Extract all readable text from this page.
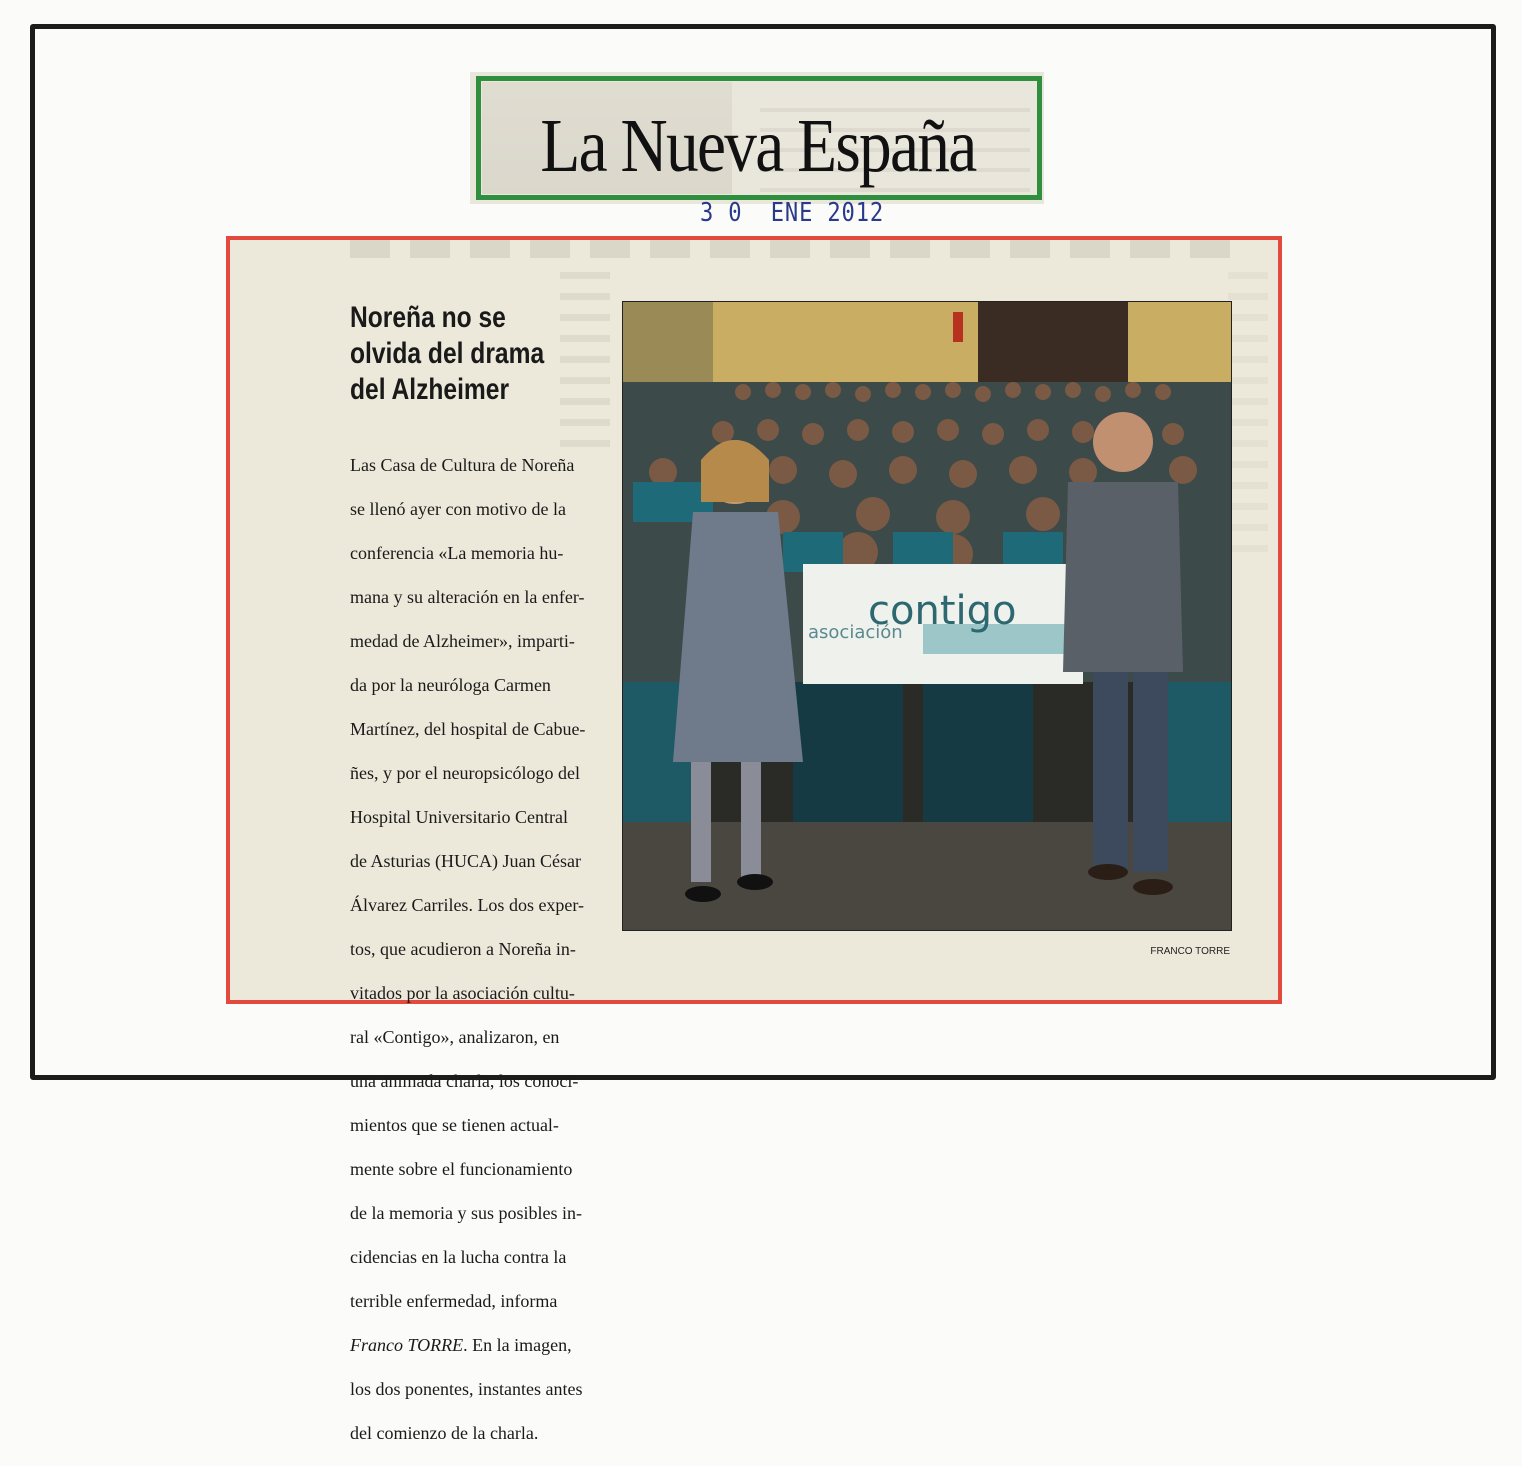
La Nueva España
3 0  ENE 2012
Noreña no se
olvida del drama
del Alzheimer

Las Casa de Cultura de Noreña

se llenó ayer con motivo de la

conferencia «La memoria hu-

mana y su alteración en la enfer-

medad de Alzheimer», imparti-

da por la neuróloga Carmen

Martínez, del hospital de Cabue-

ñes, y por el neuropsicólogo del

Hospital Universitario Central

de Asturias (HUCA) Juan César

Álvarez Carriles. Los dos exper-

tos, que acudieron a Noreña in-

vitados por la asociación cultu-

ral «Contigo», analizaron, en

una animada charla, los conoci-

mientos que se tienen actual-

mente sobre el funcionamiento

de la memoria y sus posibles in-

cidencias en la lucha contra la

terrible enfermedad, informa

Franco TORRE. En la imagen,

los dos ponentes, instantes antes

del comienzo de la charla.

contigo
asociación
FRANCO TORRE
